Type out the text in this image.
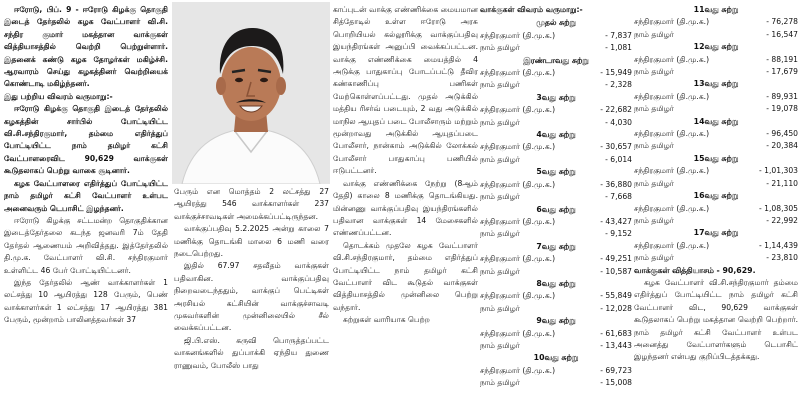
ஈரோடு, பிப். 9 - ஈரோடு கிழக்கு தொகுதி இடைத் தேர்தலில் கழக வேட்பாளர் வி.சி. சந்திர குமார் மகத்தான வாக்குகள் வித்தியாசத்தில் வெற்றி பெற்றுள்ளார். இதனைக் கண்டு கழக தோழர்கள் மகிழ்ச்சி. ஆரவாரம் செய்து கழகத்தினர் வெற்றியைக் கொண்டாடி மகிழ்ந்தனர்.
இது பற்றிய விவரம் வருமாறு:-
ஈரோடு கிழக்கு தொகுதி இடைத் தேர்தலில் கழகத்தின் சார்பில் போட்டியிட்ட வி.சி.சந்திரகுமார், தம்மை எதிர்த்துப் போட்டியிட்ட நாம் தமிழர் கட்சி வேட்பாளரைவிட 90,629 வாக்குகள் கூடுதலாகப் பெற்று வாகை சூடினார்.
கழக வேட்பாளரை எதிர்த்துப் போட்டியிட்ட நாம் தமிழர் கட்சி வேட்பாளர் உள்பட அனைவரும் டெபாசிட் இழந்தனர்.
ஈரோடு கிழக்கு சட்டமன்ற தொகுதிக்கான இடைத்தேர்தலை கடந்த ஜனவரி 7ம் தேதி தேர்தல் ஆணையம் அறிவித்தது. இத்தேர்தலில் தி.மு.க. வேட்பாளர் வி.சி. சந்திரகுமார் உள்ளிட்ட 46 பேர் போட்டியிட்டனர்.
இந்த தேர்தலில் ஆண் வாக்காளர்கள் 1 லட்சத்து 10 ஆயிரத்து 128 பேரும், பெண் வாக்காளர்கள் 1 லட்சத்து 17 ஆயிரத்து 381 பேரும், மூன்றாம் பாலினத்தவர்கள் 37
பேரும் என மொத்தம் 2 லட்சத்து 27 ஆயிரத்து 546 வாக்காளர்கள் 237 வாக்குச்சாவடிகள் அமைக்கப்பட்டிருந்தன.
வாக்குப்பதிவு 5.2.2025 அன்று காலை 7 மணிக்கு தொடங்கி மாலை 6 மணி வரை நடைபெற்றது.
இதில் 67.97 சதவீதம் வாக்குகள் பதிவாகின. வாக்குப்பதிவு நிறைவடைந்ததும், வாக்குப் பெட்டிகள் அரசியல் கட்சியின் வாக்குச்சாவடி முகவர்களின் முன்னிலையில் சீல் வைக்கப்பட்டன.
ஜி.பி.எஸ். கருவி பொருத்தப்பட்ட வாகனங்களில் துப்பாக்கி ஏந்திய துணை ராணுவம், போலீஸ் பாது
காப்புடன் வாக்கு எண்ணிக்கை மையமான சித்தோடில் உள்ள ஈரோடு அரசு பொறியியல் கல்லூரிக்கு வாக்குப்பதிவு இயந்திரங்கள் அனுப்பி வைக்கப்பட்டன. வாக்கு எண்ணிக்கை மையத்தில் 4 அடுக்கு பாதுகாப்பு போடப்பட்டு தீவிர கண்காணிப்பு பணிகள் மேற்கொள்ளப்பட்டது. முதல் அடுக்கில் மத்திய ரிசர்வ் படையும், 2 வது அடுக்கில் மாநில ஆயுதப் படை போலீசாரும் மற்றும் மூன்றாவது அடுக்கில் ஆயுதப்படை போலீசார், நான்காம் அடுக்கில் லோக்கல் போலீசார் பாதுகாப்பு பணியில் ஈடுபட்டனர்.
வாக்கு எண்ணிக்கை நேற்று (8ஆம் தேதி) காலை 8 மணிக்கு தொடங்கியது. மின்னணு வாக்குப்பதிவு இயந்திரங்களில் பதிவான வாக்குகள் 14 மேசைகளில் எண்ணப்பட்டன.
தொடக்கம் முதலே கழக வேட்பாளர் வி.சி.சந்திரகுமார், தம்மை எதிர்த்துப் போட்டியிட்ட நாம் தமிழர் கட்சி வேட்பாளர் விட கூடுதல் வாக்குகள் வித்தியாசத்தில் முன்னிலை பெற்று வந்தார்.
சுற்றுகள் வாரியாக பெற்ற
வாக்குகள் விவரம் வருமாறு:-
முதல் சுற்று
சந்திரகுமார் (தி.மு.க.)	- 7,837
நாம் தமிழர்	- 1,081
இரண்டாவது சுற்று
சந்திரகுமார் (தி.மு.க.)	- 15,949
நாம் தமிழர்	- 2,328
3வது சுற்று
சந்திரகுமார் (தி.மு.க.)	- 22,682
நாம் தமிழர்	- 4,030
4வது சுற்று
சந்திரகுமார் (தி.மு.க.)	- 30,657
நாம் தமிழர்	- 6,014
5வது சுற்று
சந்திரகுமார் (தி.மு.க.)	- 36,880
நாம் தமிழர்	- 7,668
6வது சுற்று
சந்திரகுமார் (தி.மு.க.)	- 43,427
நாம் தமிழர்	- 9,152
7வது சுற்று
சந்திரகுமார் (தி.மு.க.)	- 49,251
நாம் தமிழர்	- 10,587
8வது சுற்று
சந்திரகுமார் (தி.மு.க.)	- 55,849
நாம் தமிழர்	- 12,028
9வது சுற்று
சந்திரகுமார் (தி.மு.க.)	- 61,683
நாம் தமிழர்	- 13,443
10வது சுற்று
சந்திரகுமார் (தி.மு.க.)	- 69,723
நாம் தமிழர்	- 15,008
11வது சுற்று
சந்திரகுமார் (தி.மு.க.)	- 76,278
நாம் தமிழர்	- 16,547
12வது சுற்று
சந்திரகுமார் (தி.மு.க.)	- 88,191
நாம் தமிழர்	- 17,679
13வது சுற்று
சந்திரகுமார் (தி.மு.க.)	- 89,931
நாம் தமிழர்	- 19,078
14வது சுற்று
சந்திரகுமார் (தி.மு.க.)	- 96,450
நாம் தமிழர்	- 20,384
15வது சுற்று
சந்திரகுமார் (தி.மு.க.)	- 1,01,303
நாம் தமிழர்	- 21,110
16வது சுற்று
சந்திரகுமார் (தி.மு.க.)	- 1,08,305
நாம் தமிழர்	- 22,992
17வது சுற்று
சந்திரகுமார் (தி.மு.க.)	- 1,14,439
நாம் தமிழர்	- 23,810
வாக்குகள் வித்தியாசம் - 90,629.
கழக வேட்பாளர் வி.சி.சந்திரகுமார் தம்மை எதிர்த்துப் போட்டியிட்ட நாம் தமிழர் கட்சி வேட்பாளர் விட, 90,629 வாக்குகள் கூடுதலாகப் பெற்று மகத்தான வெற்றி பெற்றார். நாம் தமிழர் கட்சி வேட்பாளர் உள்பட அனைத்து வேட்பாளர்களும் டெபாசிட் இழந்தனர் என்பது குறிப்பிடத்தக்கது.
